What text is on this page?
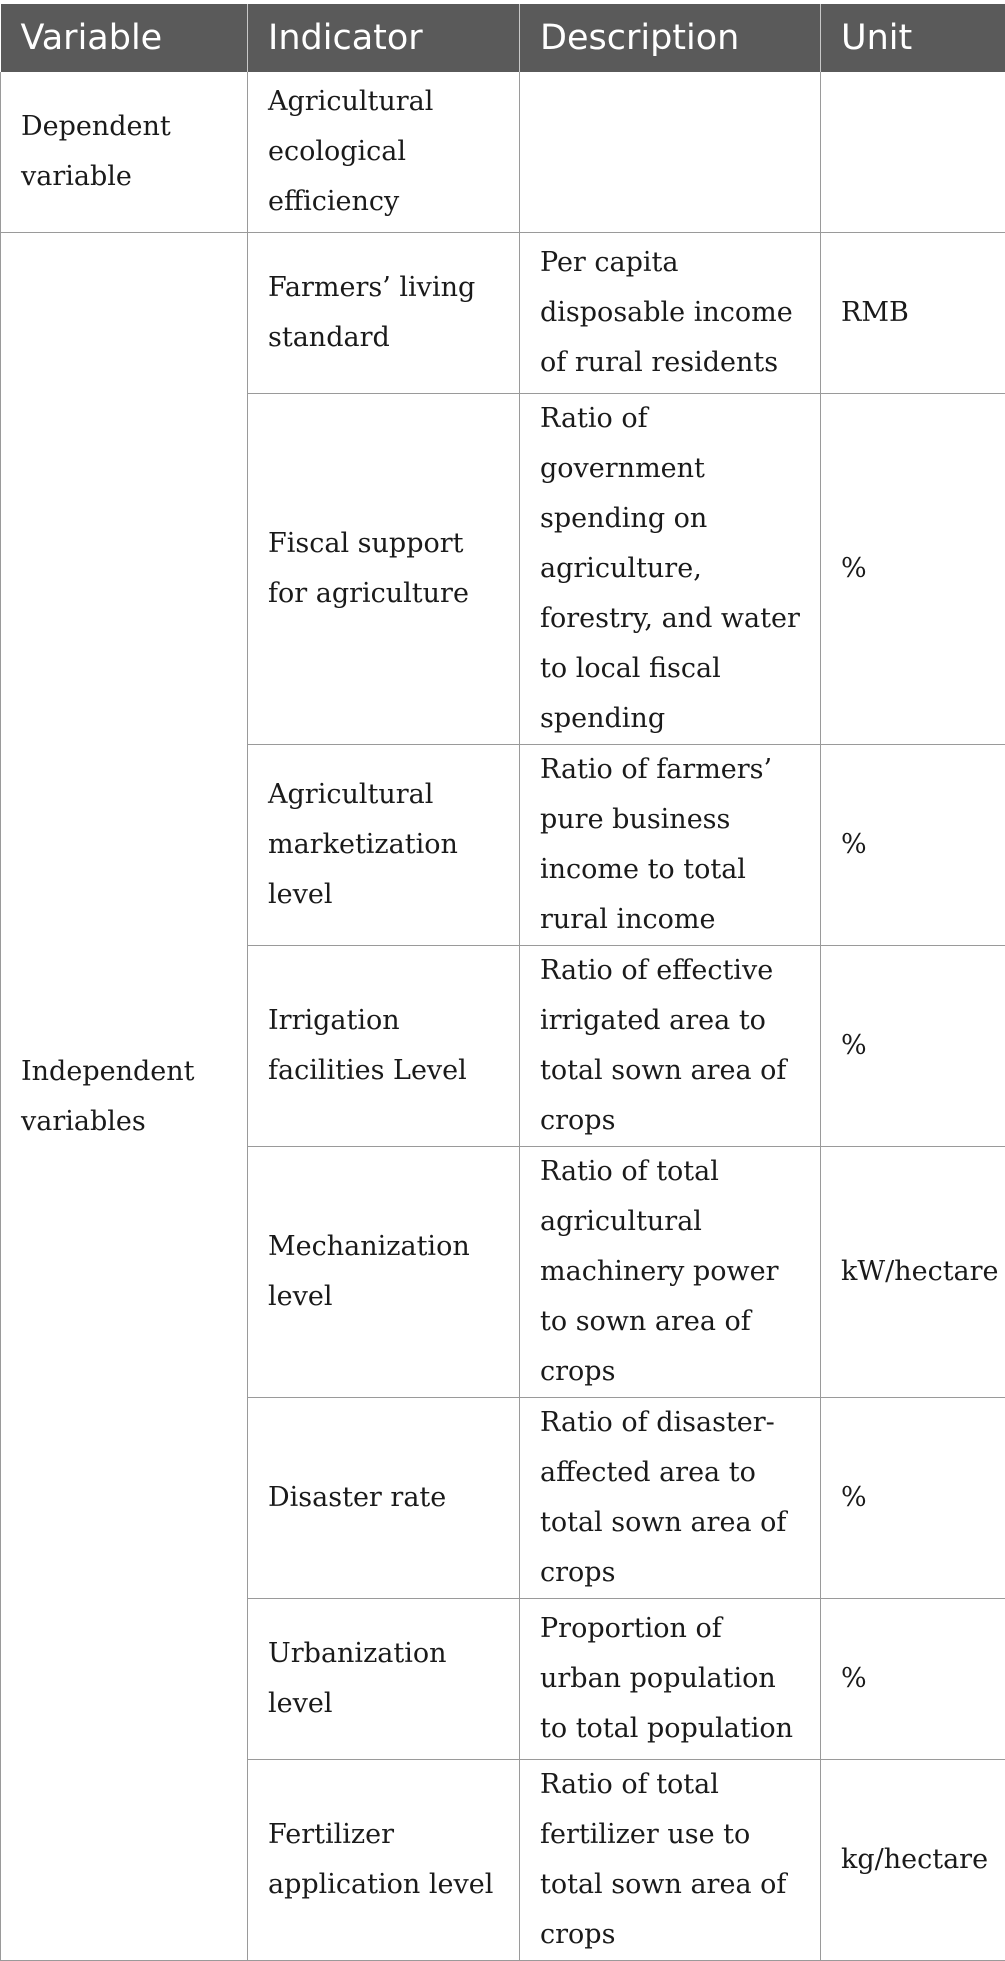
Variable	Indicator	Description	Unit
Dependent variable	Agricultural ecological efficiency		
Independent variables	Farmers’ living standard	Per capita disposable income of rural residents	RMB
	Fiscal support for agriculture	Ratio of government spending on agriculture, forestry, and water to local fiscal spending	%
	Agricultural marketization level	Ratio of farmers’ pure business income to total rural income	%
	Irrigation facilities Level	Ratio of effective irrigated area to total sown area of crops	%
	Mechanization level	Ratio of total agricultural machinery power to sown area of crops	kW/hectare
	Disaster rate	Ratio of disaster-affected area to total sown area of crops	%
	Urbanization level	Proportion of urban population to total population	%
	Fertilizer application level	Ratio of total fertilizer use to total sown area of crops	kg/hectare
